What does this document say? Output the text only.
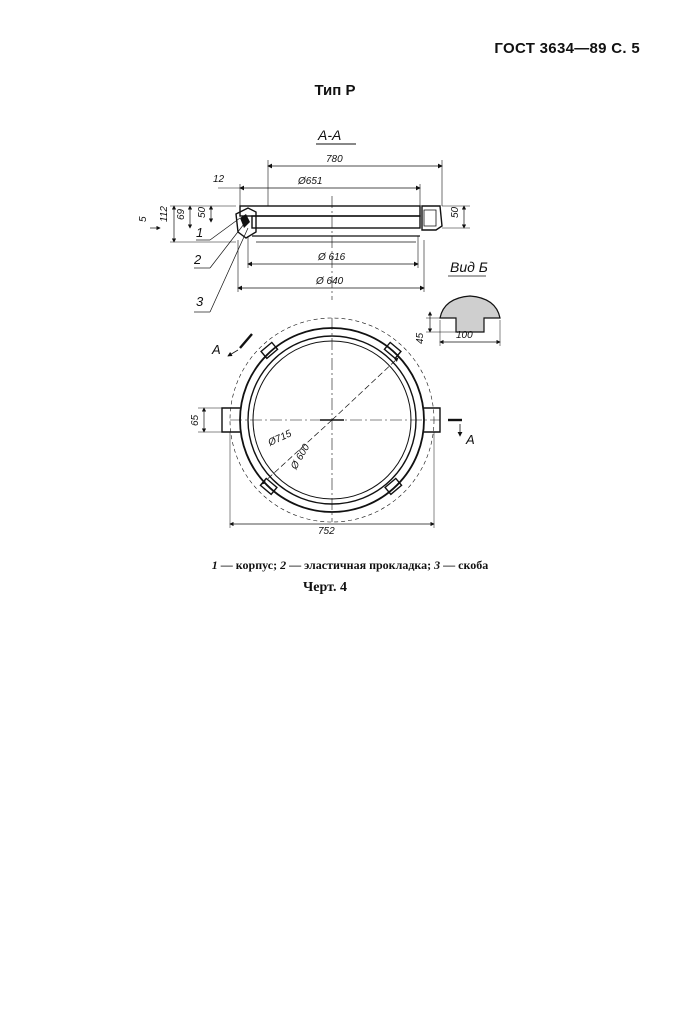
ГОСТ 3634—89 С. 5
Тип Р
А-А
780
Ø651
12
112 69 50
5
50
Ø 616
Ø 640
1
2
3
Вид Б
45	100
Ø715
Ø 600
65
752
А
А
1 — корпус; 2 — эластичная прокладка; 3 — скоба
Черт. 4
